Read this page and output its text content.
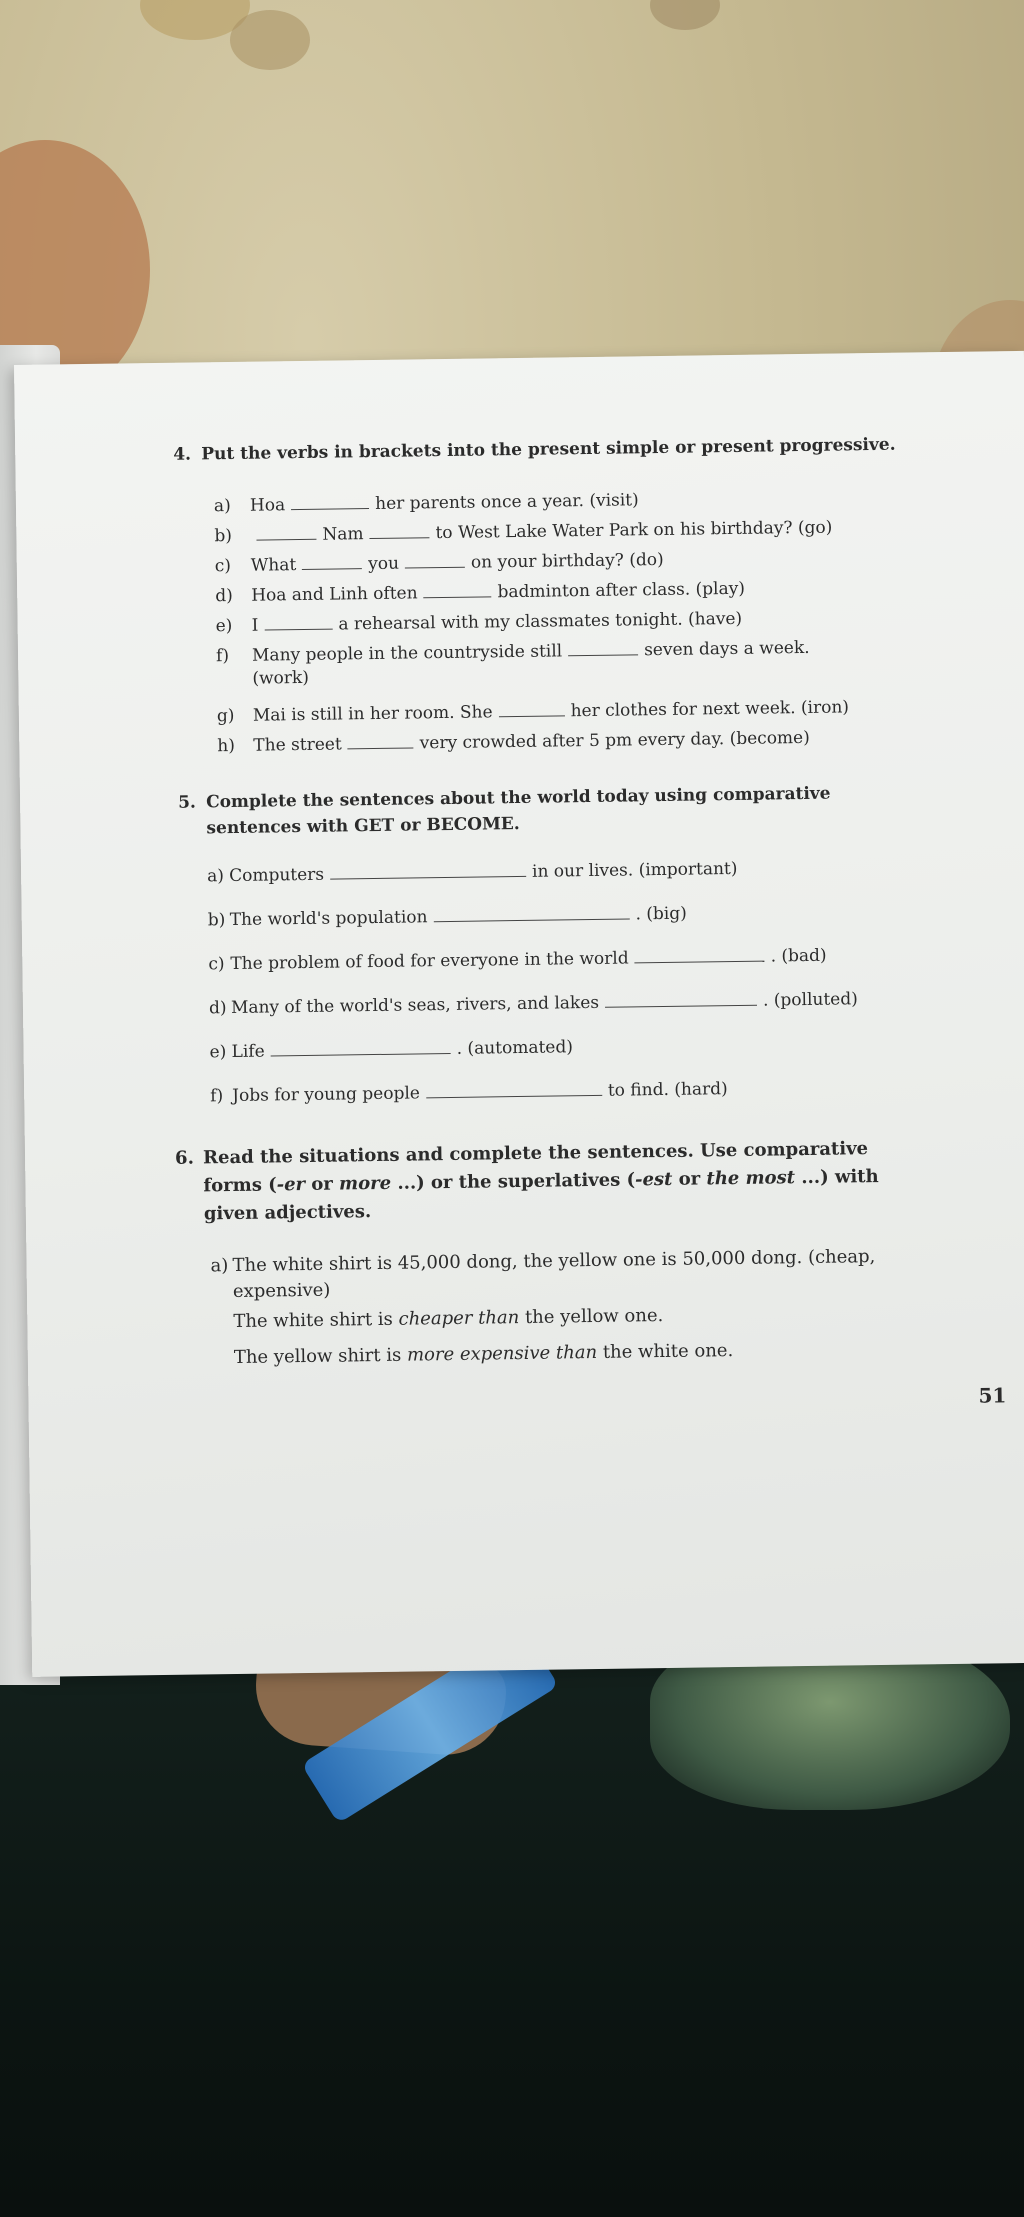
4. Put the verbs in brackets into the present simple or present progressive.
a) Hoa	her parents once a year. (visit)
b)	Nam	to West Lake Water Park on his birthday? (go)
c) What	you	on your birthday? (do)
d) Hoa and Linh often	badminton after class. (play)
e) I	a rehearsal with my classmates tonight. (have)
f) Many people in the countryside still	seven days a week.
(work)
g) Mai is still in her room. She	her clothes for next week. (iron)
h) The street	very crowded after 5 pm every day. (become)
5. Complete the sentences about the world today using comparative
sentences with GET or BECOME.
a) Computers	in our lives. (important)
b) The world's population	. (big)
c) The problem of food for everyone in the world	. (bad)
d) Many of the world's seas, rivers, and lakes	. (polluted)
e) Life	. (automated)
f) Jobs for young people	to find. (hard)
6. Read the situations and complete the sentences. Use comparative
forms (-er or more ...) or the superlatives (-est or the most ...) with
given adjectives.
a) The white shirt is 45,000 dong, the yellow one is 50,000 dong. (cheap,
expensive)
The white shirt is cheaper than the yellow one.
The yellow shirt is more expensive than the white one.
51
